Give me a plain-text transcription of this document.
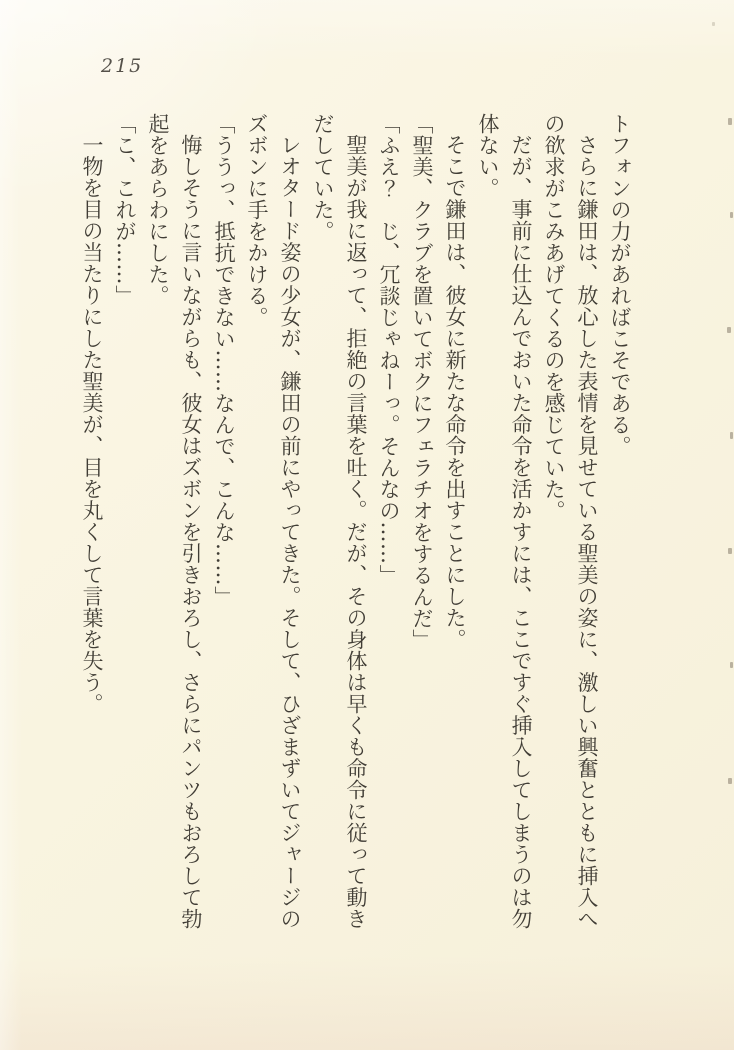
215

トフォンの力があればこそである。

さらに鎌田は、放心した表情を見せている聖美の姿に、激しい興奮とともに挿入への欲求がこみあげてくるのを感じていた。

だが、事前に仕込んでおいた命令を活かすには、ここですぐ挿入してしまうのは勿体ない。

そこで鎌田は、彼女に新たな命令を出すことにした。

「聖美、クラブを置いてボクにフェラチオをするんだ」

「ふえ？　じ、冗談じゃねーっ。そんなの……」

聖美が我に返って、拒絶の言葉を吐く。だが、その身体は早くも命令に従って動きだしていた。

レオタード姿の少女が、鎌田の前にやってきた。そして、ひざまずいてジャージのズボンに手をかける。

「ううっ、抵抗できない……なんで、こんな……」

悔しそうに言いながらも、彼女はズボンを引きおろし、さらにパンツもおろして勃起をあらわにした。

「こ、これが……」

一物を目の当たりにした聖美が、目を丸くして言葉を失う。
